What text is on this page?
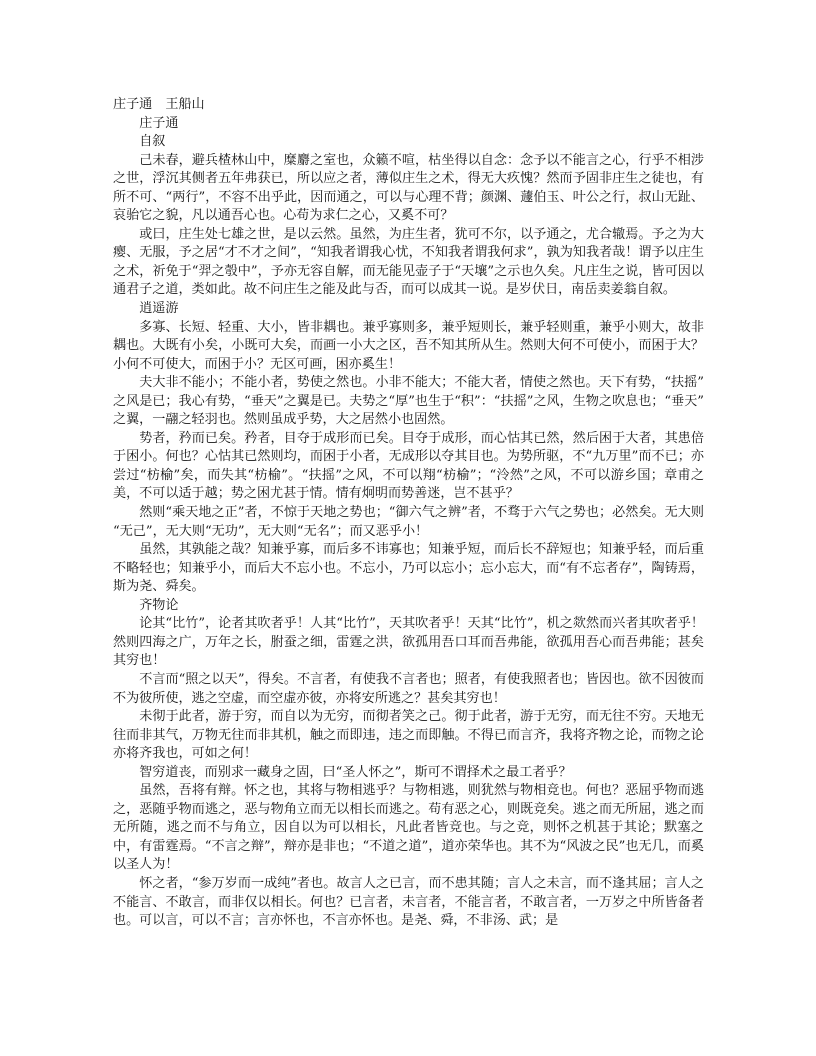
庄子通　王船山

庄子通

自叙

己未春，避兵楂林山中，糜麝之室也，众籁不喧，枯坐得以自念：念予以不能言之心，行乎不相涉之世，浮沉其侧者五年弗获已，所以应之者，薄似庄生之术，得无大疚愧？然而予固非庄生之徒也，有所不可、“两行”，不容不出乎此，因而通之，可以与心理不背；颜渊、蘧伯玉、叶公之行，叔山无趾、哀骀它之貌，凡以通吾心也。心苟为求仁之心，又奚不可？

或曰，庄生处七雄之世，是以云然。虽然，为庄生者，犹可不尔，以予通之，尤合辙焉。予之为大瘿、无服，予之居“才不才之间”，“知我者谓我心忧，不知我者谓我何求”，孰为知我者哉！谓予以庄生之术，祈免于“羿之彀中”，予亦无容自解，而无能见壶子于“天壤”之示也久矣。凡庄生之说，皆可因以通君子之道，类如此。故不问庄生之能及此与否，而可以成其一说。是岁伏日，南岳卖姜翁自叙。

逍遥游

多寡、长短、轻重、大小，皆非耦也。兼乎寡则多，兼乎短则长，兼乎轻则重，兼乎小则大，故非耦也。大既有小矣，小既可大矣，而画一小大之区，吾不知其所从生。然则大何不可使小，而困于大？小何不可使大，而困于小？无区可画，困亦奚生！

夫大非不能小；不能小者，势使之然也。小非不能大；不能大者，情使之然也。天下有势，“扶摇”之风是已；我心有势，“垂天”之翼是已。夫势之“厚”也生于“积”：“扶摇”之风，生物之吹息也；“垂天”之翼，一翮之轻羽也。然则虽成乎势，大之居然小也固然。

势者，矜而已矣。矜者，目夺于成形而已矣。目夺于成形，而心怙其已然，然后困于大者，其患倍于困小。何也？心怙其已然则均，而困于小者，无成形以夺其目也。为势所驱，不“九万里”而不已；亦尝过“枋榆”矣，而失其“枋榆”。“扶摇”之风，不可以翔“枋榆”；“泠然”之风，不可以游乡国；章甫之美，不可以适于越；势之困尤甚于情。情有炯明而势善迷，岂不甚乎？

然则“乘天地之正”者，不惊于天地之势也；“御六气之辨”者，不骛于六气之势也；必然矣。无大则“无己”，无大则“无功”，无大则“无名”；而又恶乎小！

虽然，其孰能之哉？知兼乎寡，而后多不讳寡也；知兼乎短，而后长不辞短也；知兼乎轻，而后重不略轻也；知兼乎小，而后大不忘小也。不忘小，乃可以忘小；忘小忘大，而“有不忘者存”，陶铸焉，斯为尧、舜矣。

齐物论

论其“比竹”，论者其吹者乎！人其“比竹”，天其吹者乎！天其“比竹”，机之欻然而兴者其吹者乎！然则四海之广，万年之长，胕蚕之细，雷霆之洪，欲孤用吾口耳而吾弗能，欲孤用吾心而吾弗能；甚矣其穷也！

不言而“照之以天”，得矣。不言者，有使我不言者也；照者，有使我照者也；皆因也。欲不因彼而不为彼所使，逃之空虚，而空虚亦彼，亦将安所逃之？甚矣其穷也！

未彻于此者，游于穷，而自以为无穷，而彻者笑之己。彻于此者，游于无穷，而无往不穷。天地无往而非其气，万物无往而非其机，触之而即违，违之而即触。不得已而言齐，我将齐物之论，而物之论亦将齐我也，可如之何！

智穷道丧，而别求一藏身之固，曰“圣人怀之”，斯可不谓择术之最工者乎？

虽然，吾将有辩。怀之也，其将与物相逃乎？与物相逃，则犹然与物相竞也。何也？恶屈乎物而逃之，恶随乎物而逃之，恶与物角立而无以相长而逃之。苟有恶之心，则既竞矣。逃之而无所屈，逃之而无所随，逃之而不与角立，因自以为可以相长，凡此者皆竞也。与之竞，则怀之机甚于其论；默塞之中，有雷霆焉。“不言之辩”，辩亦是非也；“不道之道”，道亦荣华也。其不为“风波之民”也无几，而奚以圣人为！

怀之者，“参万岁而一成纯”者也。故言人之已言，而不患其随；言人之未言，而不逢其屈；言人之不能言、不敢言，而非仅以相长。何也？已言者，未言者，不能言者，不敢言者，一万岁之中所皆备者也。可以言，可以不言；言亦怀也，不言亦怀也。是尧、舜，不非汤、武；是
